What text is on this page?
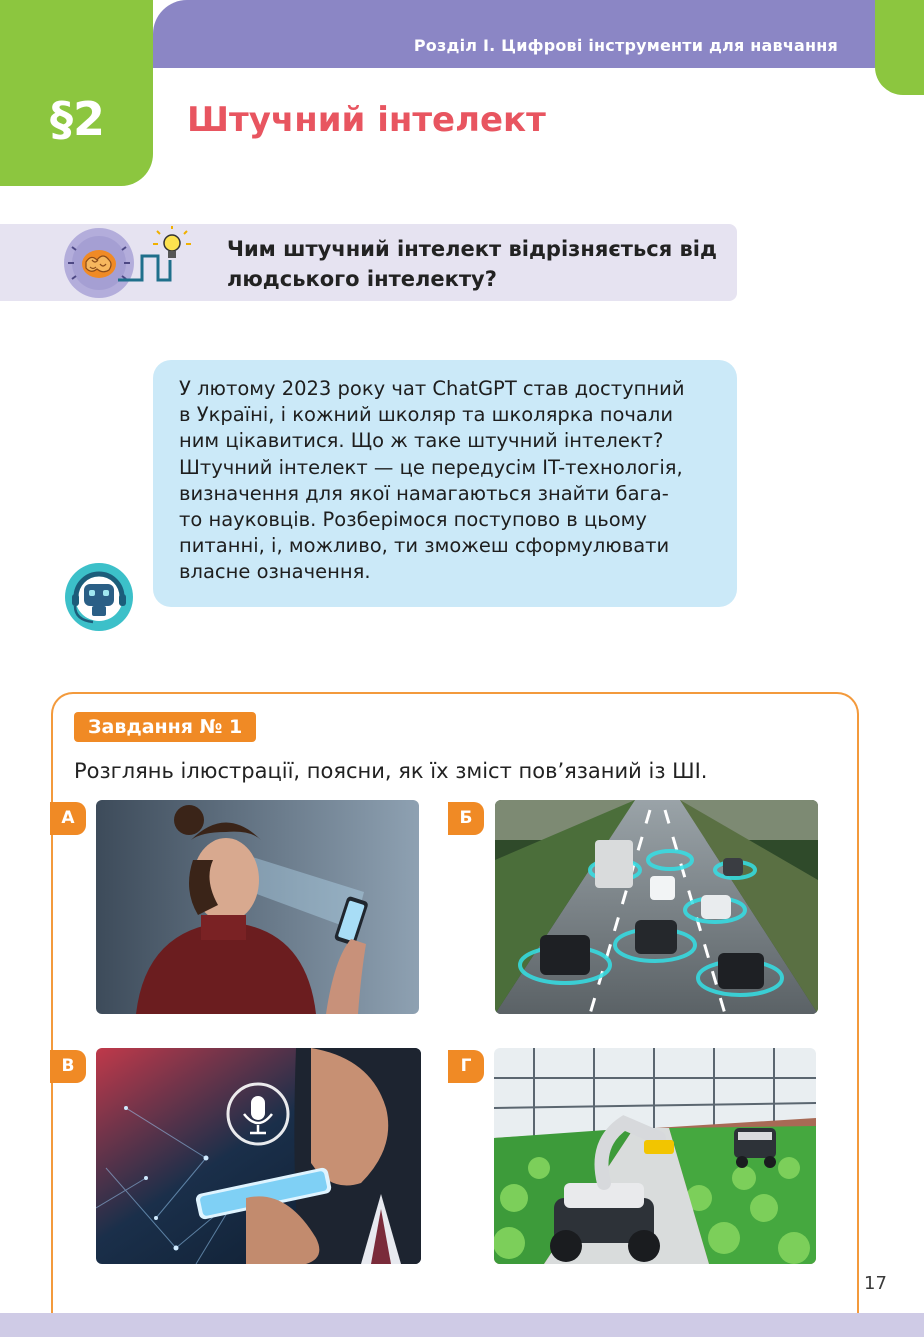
Розділ І. Цифрові інструменти для навчання
§2 Штучний інтелект
Чим штучний інтелект відрізняється від людського інтелекту?
У лютому 2023 року чат ChatGPT став доступний
в Україні, і кожний школяр та школярка почали
ним цікавитися. Що ж таке штучний інтелект?
Штучний інтелект — це передусім IT-технологія,
визначення для якої намагаються знайти бага-
то науковців. Розберімося поступово в цьому
питанні, і, можливо, ти зможеш сформулювати
власне означення.
Завдання № 1
Розглянь ілюстрації, поясни, як їх зміст пов’язаний із ШІ.
А	Б
В	Г
17
